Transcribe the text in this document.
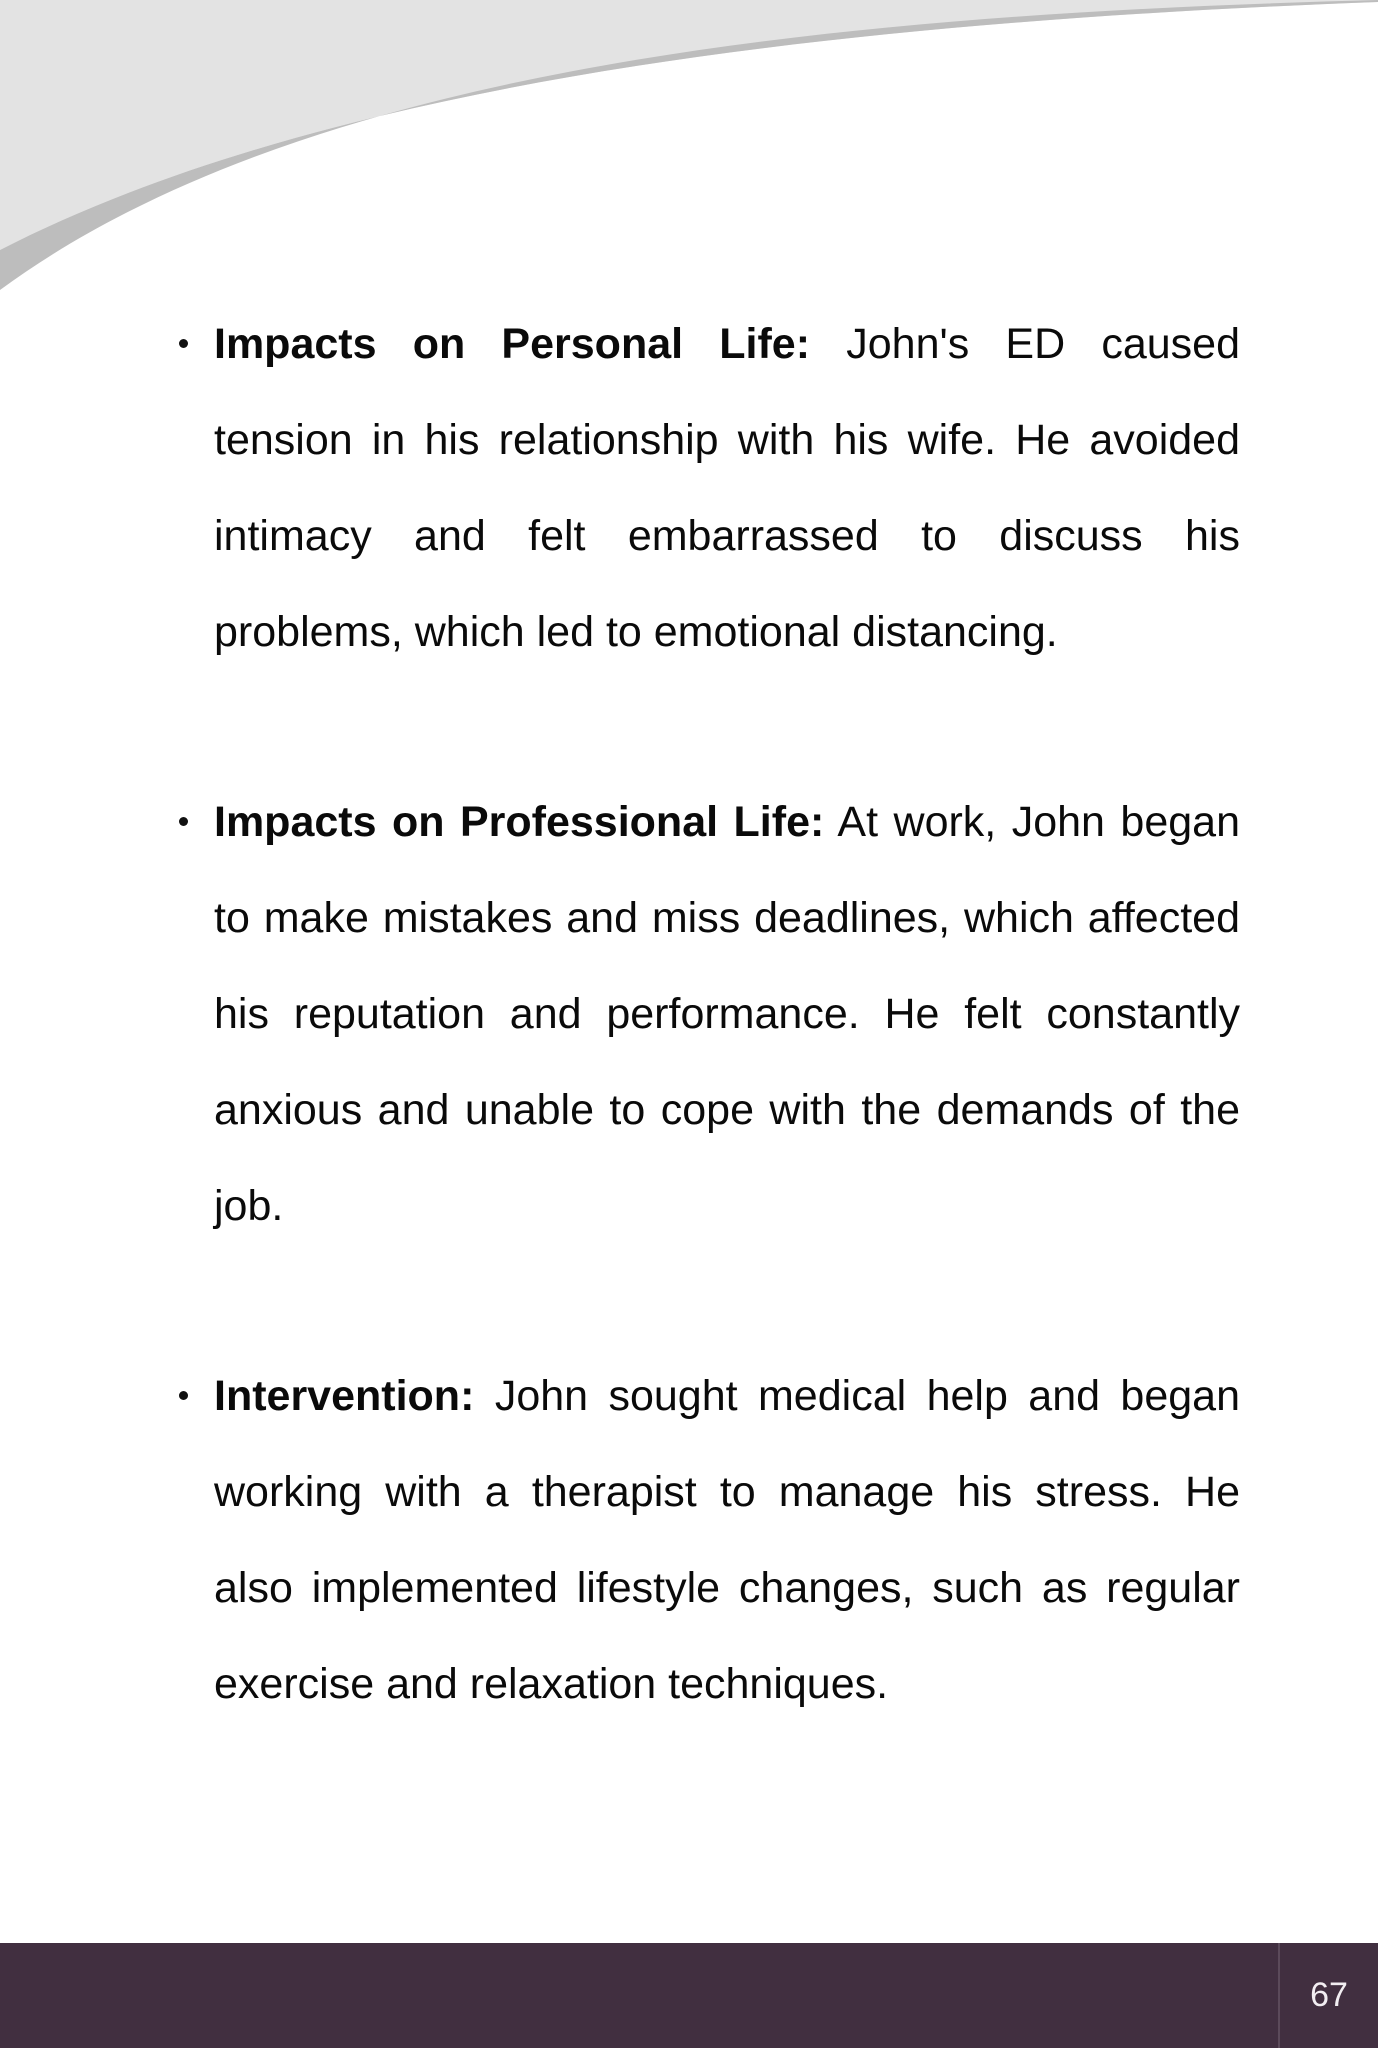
Impacts on Personal Life: John's ED caused tension in his relationship with his wife. He avoided intimacy and felt embarrassed to discuss his problems, which led to emotional distancing.

Impacts on Professional Life: At work, John began to make mistakes and miss deadlines, which affected his reputation and performance. He felt constantly anxious and unable to cope with the demands of the job.

Intervention: John sought medical help and began working with a therapist to manage his stress. He also implemented lifestyle changes, such as regular exercise and relaxation techniques.

67
